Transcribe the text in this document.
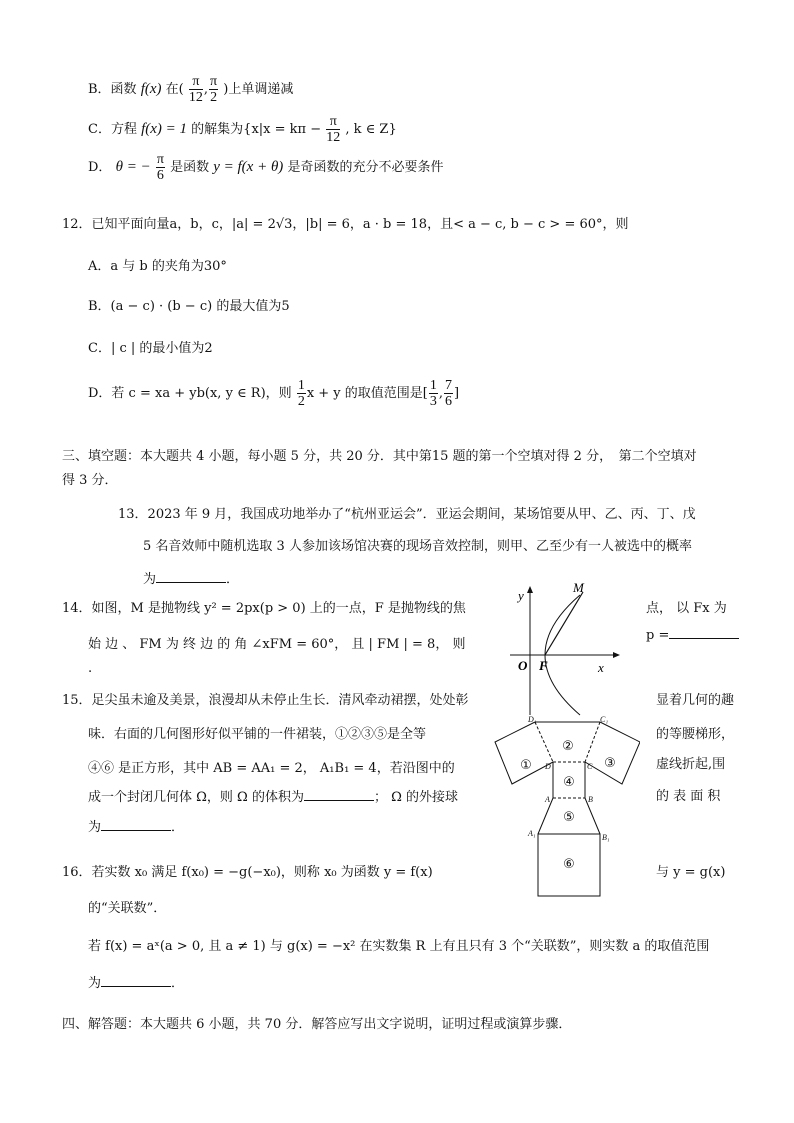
B．函数 f(x) 在( $\frac{\pi}{12}$ , $\frac{\pi}{2}$ )上单调递减
C．方程 f(x) = 1 的解集为{$x|x = k\pi - \frac{\pi}{12}$ , k ∈ Z}
D． θ = − $\frac{\pi}{6}$ 是函数 y = f(x + θ) 是奇函数的充分不必要条件
12．已知平面向量a，b，c，|a| = 2√3，|b| = 6，a · b = 18，且< a − c, b − c > = 60°，则
A．a 与 b 的夹角为30°
B．(a − c) · (b − c) 的最大值为5
C．| c | 的最小值为2
D．若 c = xa + yb(x, y ∈ R)，则 $\frac{1}{2}$ x + y 的取值范围是[ $\frac{1}{3}$ , $\frac{7}{6}$ ]
三、填空题：本大题共 4 小题，每小题 5 分，共 20 分．其中第15 题的第一个空填对得 2 分，　第二个空填对
得 3 分．
13．2023 年 9 月，我国成功地举办了“杭州亚运会”．亚运会期间，某场馆要从甲、乙、丙、丁、戊
5 名音效师中随机选取 3 人参加该场馆决赛的现场音效控制，则甲、乙至少有一人被选中的概率
为	．
14．如图，M 是抛物线 y² = 2px(p > 0) 上的一点，F 是抛物线的焦	点， 以 Fx 为
始 边 、 FM 为 终 边 的 角 ∠xFM = 60°， 且 | FM | = 8， 则
p =
.
y
x
O F
M
15．足尖虽未逾及美景，浪漫却从未停止生长．清风牵动裙摆，处处彰	显着几何的趣
味．右面的几何图形好似平铺的一件裙装，①②③⑤是全等	的等腰梯形，
④⑥ 是正方形，其中 AB = AA₁ = 2， A₁B₁ = 4，若沿图中的	虚线折起,围
成一个封闭几何体 Ω，则 Ω 的体积为	； Ω 的外接球	的 表 面 积
为	．
D₁	C₁
D	C
A	B
A₁	B₁
②
①	③
④
⑤
⑥
16．若实数 x₀ 满足 f(x₀) = −g(−x₀)，则称 x₀ 为函数 y = f(x)	与 y = g(x)
的“关联数”．
若 f(x) = aˣ(a > 0, 且 a ≠ 1) 与 g(x) = −x² 在实数集 R 上有且只有 3 个“关联数”，则实数 a 的取值范围
为	．
四、解答题：本大题共 6 小题，共 70 分．解答应写出文字说明，证明过程或演算步骤．
